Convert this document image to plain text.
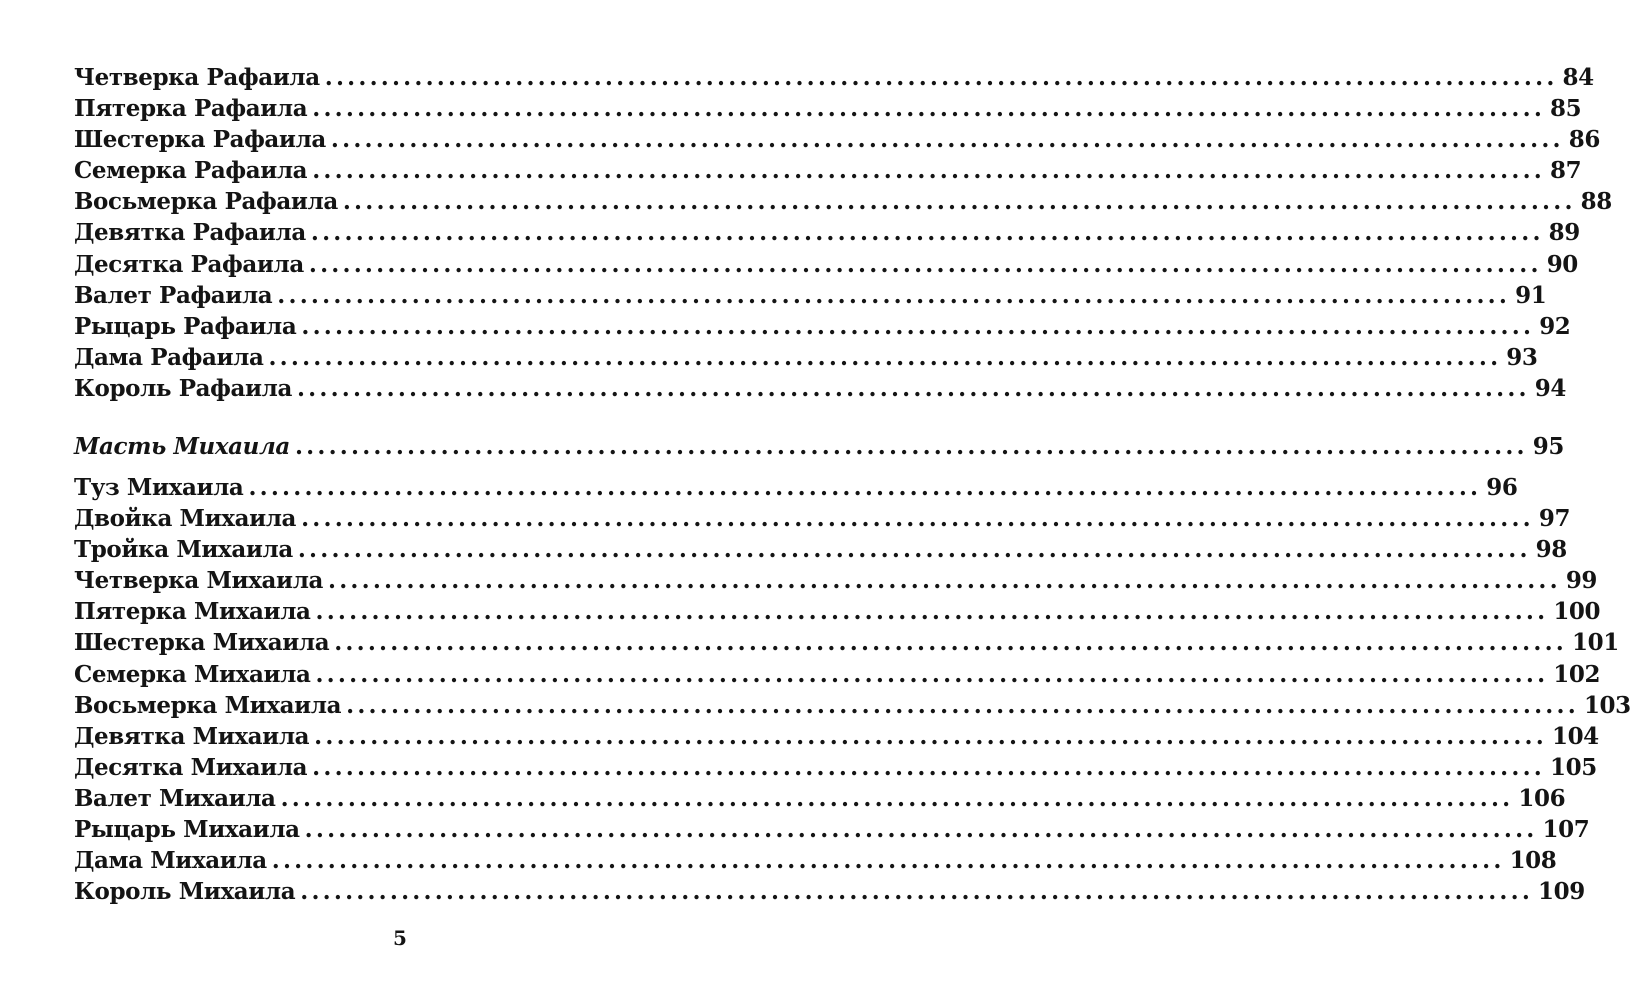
Четверка Рафаила .............................................................................................................. 84
Пятерка Рафаила .............................................................................................................. 85
Шестерка Рафаила .............................................................................................................. 86
Семерка Рафаила .............................................................................................................. 87
Восьмерка Рафаила .............................................................................................................. 88
Девятка Рафаила .............................................................................................................. 89
Десятка Рафаила .............................................................................................................. 90
Валет Рафаила .............................................................................................................. 91
Рыцарь Рафаила .............................................................................................................. 92
Дама Рафаила .............................................................................................................. 93
Король Рафаила .............................................................................................................. 94
Масть Михаила .............................................................................................................. 95
Туз Михаила .............................................................................................................. 96
Двойка Михаила .............................................................................................................. 97
Тройка Михаила .............................................................................................................. 98
Четверка Михаила .............................................................................................................. 99
Пятерка Михаила .............................................................................................................. 100
Шестерка Михаила .............................................................................................................. 101
Семерка Михаила .............................................................................................................. 102
Восьмерка Михаила .............................................................................................................. 103
Девятка Михаила .............................................................................................................. 104
Десятка Михаила .............................................................................................................. 105
Валет Михаила .............................................................................................................. 106
Рыцарь Михаила .............................................................................................................. 107
Дама Михаила .............................................................................................................. 108
Король Михаила .............................................................................................................. 109
5
